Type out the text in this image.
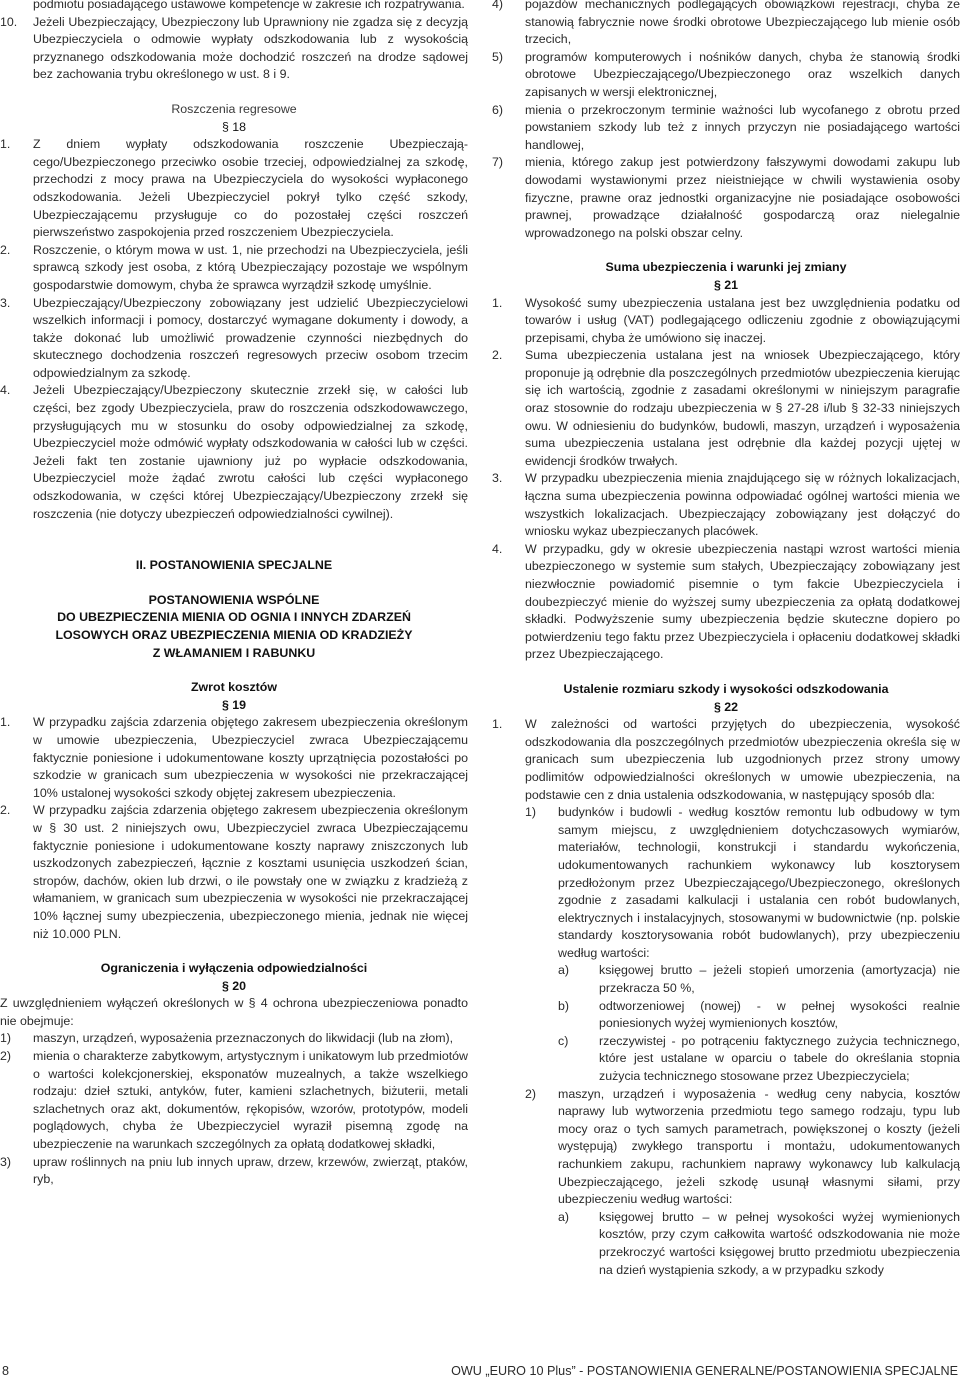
podmiotu posiadającego ustawowe kompetencje w zakresie ich rozpatrywania.

10. Jeżeli Ubezpieczający, Ubezpieczony lub Uprawniony nie zgadza się z decyzją Ubezpieczyciela o odmowie wypłaty odszkodowania lub z wysokością przyznanego odszkodowania może dochodzić roszczeń na drodze sądowej bez zachowania trybu określonego w ust. 8 i 9.
Roszczenia regresowe
§ 18
1. Z dniem wypłaty odszkodowania roszczenie Ubezpieczają-cego/Ubezpieczonego przeciwko osobie trzeciej, odpowiedzialnej za szkodę, przechodzi z mocy prawa na Ubezpieczyciela do wysokości wypłaconego odszkodowania. Jeżeli Ubezpieczyciel pokrył tylko część szkody, Ubezpieczającemu przysługuje co do pozostałej części roszczeń pierwszeństwo zaspokojenia przed roszczeniem Ubezpieczyciela.
2. Roszczenie, o którym mowa w ust. 1, nie przechodzi na Ubezpieczyciela, jeśli sprawcą szkody jest osoba, z którą Ubezpieczający pozostaje we wspólnym gospodarstwie domowym, chyba że sprawca wyrządził szkodę umyślnie.
3. Ubezpieczający/Ubezpieczony zobowiązany jest udzielić Ubezpieczycielowi wszelkich informacji i pomocy, dostarczyć wymagane dokumenty i dowody, a także dokonać lub umożliwić prowadzenie czynności niezbędnych do skutecznego dochodzenia roszczeń regresowych przeciw osobom trzecim odpowiedzialnym za szkodę.
4. Jeżeli Ubezpieczający/Ubezpieczony skutecznie zrzekł się, w całości lub części, bez zgody Ubezpieczyciela, praw do roszczenia odszkodowawczego, przysługujących mu w stosunku do osoby odpowiedzialnej za szkodę, Ubezpieczyciel może odmówić wypłaty odszkodowania w całości lub w części. Jeżeli fakt ten zostanie ujawniony już po wypłacie odszkodowania, Ubezpieczyciel może żądać zwrotu całości lub części wypłaconego odszkodowania, w części której Ubezpieczający/Ubezpieczony zrzekł się roszczenia (nie dotyczy ubezpieczeń odpowiedzialności cywilnej).
II. POSTANOWIENIA SPECJALNE
POSTANOWIENIA WSPÓLNE
DO UBEZPIECZENIA MIENIA OD OGNIA I INNYCH ZDARZEŃ
LOSOWYCH ORAZ UBEZPIECZENIA MIENIA OD KRADZIEŻY
Z WŁAMANIEM I RABUNKU
Zwrot kosztów
§ 19
1. W przypadku zajścia zdarzenia objętego zakresem ubezpieczenia określonym w umowie ubezpieczenia, Ubezpieczyciel zwraca Ubezpieczającemu faktycznie poniesione i udokumentowane koszty uprzątnięcia pozostałości po szkodzie w granicach sum ubezpieczenia w wysokości nie przekraczającej 10% ustalonej wysokości szkody objętej zakresem ubezpieczenia.
2. W przypadku zajścia zdarzenia objętego zakresem ubezpieczenia określonym w § 30 ust. 2 niniejszych owu, Ubezpieczyciel zwraca Ubezpieczającemu faktycznie poniesione i udokumentowane koszty naprawy zniszczonych lub uszkodzonych zabezpieczeń, łącznie z kosztami usunięcia uszkodzeń ścian, stropów, dachów, okien lub drzwi, o ile powstały one w związku z kradzieżą z włamaniem, w granicach sum ubezpieczenia w wysokości nie przekraczającej 10% łącznej sumy ubezpieczenia, ubezpieczonego mienia, jednak nie więcej niż 10.000 PLN.
Ograniczenia i wyłączenia odpowiedzialności
§ 20

Z uwzględnieniem wyłączeń określonych w § 4 ochrona ubezpieczeniowa ponadto nie obejmuje:

1) maszyn, urządzeń, wyposażenia przeznaczonych do likwidacji (lub na złom),
2) mienia o charakterze zabytkowym, artystycznym i unikatowym lub przedmiotów o wartości kolekcjonerskiej, eksponatów muzealnych, a także wszelkiego rodzaju: dzieł sztuki, antyków, futer, kamieni szlachetnych, biżuterii, metali szlachetnych oraz akt, dokumentów, rękopisów, wzorów, prototypów, modeli poglądowych, chyba że Ubezpieczyciel wyraził pisemną zgodę na ubezpieczenie na warunkach szczególnych za opłatą dodatkowej składki,
3) upraw roślinnych na pniu lub innych upraw, drzew, krzewów, zwierząt, ptaków, ryb,
4) pojazdów mechanicznych podlegających obowiązkowi rejestracji, chyba że stanowią fabrycznie nowe środki obrotowe Ubezpieczającego lub mienie osób trzecich,
5) programów komputerowych i nośników danych, chyba że stanowią środki obrotowe Ubezpieczającego/Ubezpieczonego oraz wszelkich danych zapisanych w wersji elektronicznej,
6) mienia o przekroczonym terminie ważności lub wycofanego z obrotu przed powstaniem szkody lub też z innych przyczyn nie posiadającego wartości handlowej,
7) mienia, którego zakup jest potwierdzony fałszywymi dowodami zakupu lub dowodami wystawionymi przez nieistniejące w chwili wystawienia osoby fizyczne, prawne oraz jednostki organizacyjne nie posiadające osobowości prawnej, prowadzące działalność gospodarczą oraz nielegalnie wprowadzonego na polski obszar celny.
Suma ubezpieczenia i warunki jej zmiany
§ 21
1. Wysokość sumy ubezpieczenia ustalana jest bez uwzględnienia podatku od towarów i usług (VAT) podlegającego odliczeniu zgodnie z obowiązującymi przepisami, chyba że umówiono się inaczej.
2. Suma ubezpieczenia ustalana jest na wniosek Ubezpieczającego, który proponuje ją odrębnie dla poszczególnych przedmiotów ubezpieczenia kierując się ich wartością, zgodnie z zasadami określonymi w niniejszym paragrafie oraz stosownie do rodzaju ubezpieczenia w § 27-28 i/lub § 32-33 niniejszych owu. W odniesieniu do budynków, budowli, maszyn, urządzeń i wyposażenia suma ubezpieczenia ustalana jest odrębnie dla każdej pozycji ujętej w ewidencji środków trwałych.
3. W przypadku ubezpieczenia mienia znajdującego się w różnych lokalizacjach, łączna suma ubezpieczenia powinna odpowiadać ogólnej wartości mienia we wszystkich lokalizacjach. Ubezpieczający zobowiązany jest dołączyć do wniosku wykaz ubezpieczanych placówek.
4. W przypadku, gdy w okresie ubezpieczenia nastąpi wzrost wartości mienia ubezpieczonego w systemie sum stałych, Ubezpieczający zobowiązany jest niezwłocznie powiadomić pisemnie o tym fakcie Ubezpieczyciela i doubezpieczyć mienie do wyższej sumy ubezpieczenia za opłatą dodatkowej składki. Podwyższenie sumy ubezpieczenia będzie skuteczne dopiero po potwierdzeniu tego faktu przez Ubezpieczyciela i opłaceniu dodatkowej składki przez Ubezpieczającego.
Ustalenie rozmiaru szkody i wysokości odszkodowania
§ 22
1. W zależności od wartości przyjętych do ubezpieczenia, wysokość odszkodowania dla poszczególnych przedmiotów ubezpieczenia określa się w granicach sum ubezpieczenia lub uzgodnionych przez strony umowy podlimitów odpowiedzialności określonych w umowie ubezpieczenia, na podstawie cen z dnia ustalenia odszkodowania, w następujący sposób dla:
1) budynków i budowli - według kosztów remontu lub odbudowy w tym samym miejscu, z uwzględnieniem dotychczasowych wymiarów, materiałów, technologii, konstrukcji i standardu wykończenia, udokumentowanych rachunkiem wykonawcy lub kosztorysem przedłożonym przez Ubezpieczającego/Ubezpieczonego, określonych zgodnie z zasadami kalkulacji i ustalania cen robót budowlanych, elektrycznych i instalacyjnych, stosowanymi w budownictwie (np. polskie standardy kosztorysowania robót budowlanych), przy ubezpieczeniu według wartości:
a) księgowej brutto – jeżeli stopień umorzenia (amortyzacja) nie przekracza 50 %,
b) odtworzeniowej (nowej) - w pełnej wysokości realnie poniesionych wyżej wymienionych kosztów,
c) rzeczywistej - po potrąceniu faktycznego zużycia technicznego, które jest ustalane w oparciu o tabele do określania stopnia zużycia technicznego stosowane przez Ubezpieczyciela;
2) maszyn, urządzeń i wyposażenia - według ceny nabycia, kosztów naprawy lub wytworzenia przedmiotu tego samego rodzaju, typu lub mocy oraz o tych samych parametrach, powiększonej o koszty (jeżeli występują) zwykłego transportu i montażu, udokumentowanych rachunkiem zakupu, rachunkiem naprawy wykonawcy lub kalkulacją Ubezpieczającego, jeżeli szkodę usunął własnymi siłami, przy ubezpieczeniu według wartości:
a) księgowej brutto – w pełnej wysokości wyżej wymienionych kosztów, przy czym całkowita wartość odszkodowania nie może przekroczyć wartości księgowej brutto przedmiotu ubezpieczenia na dzień wystąpienia szkody, a w przypadku szkody
8	OWU „EURO 10 Plus” - POSTANOWIENIA GENERALNE/POSTANOWIENIA SPECJALNE
